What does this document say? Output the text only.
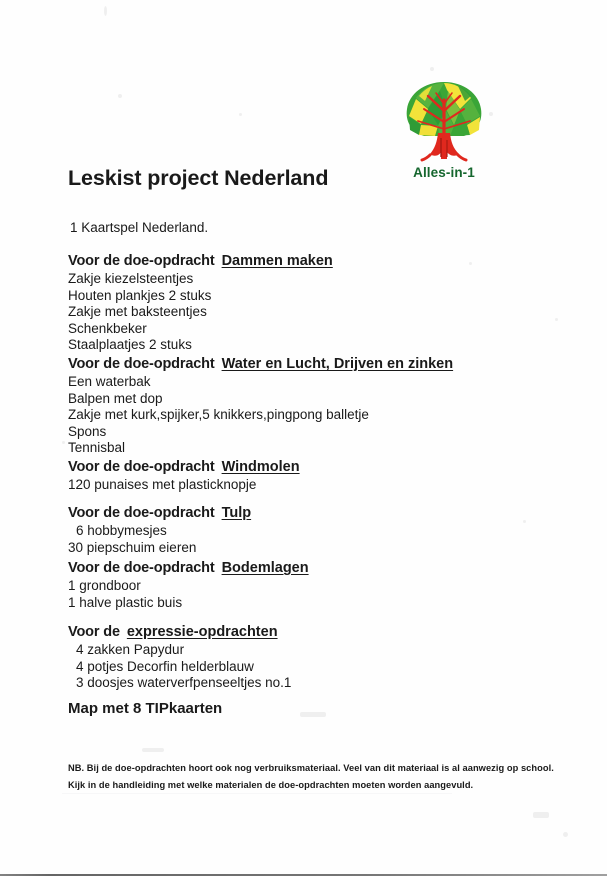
Alles-in-1
Leskist project Nederland
1 Kaartspel Nederland.
Voor de doe-opdracht Dammen maken
Zakje kiezelsteentjes
Houten plankjes 2 stuks
Zakje met baksteentjes
Schenkbeker
Staalplaatjes 2 stuks
Voor de doe-opdracht Water en Lucht, Drijven en zinken
Een waterbak
Balpen met dop
Zakje met kurk,spijker,5 knikkers,pingpong balletje
Spons
Tennisbal
Voor de doe-opdracht Windmolen
120 punaises met plasticknopje
Voor de doe-opdracht Tulp
6 hobbymesjes
30 piepschuim eieren
Voor de doe-opdracht Bodemlagen
1 grondboor
1 halve plastic buis
Voor de expressie-opdrachten
4 zakken Papydur
4 potjes Decorfin helderblauw
3 doosjes waterverfpenseeltjes no.1
Map met 8 TIPkaarten

NB. Bij de doe-opdrachten hoort ook nog verbruiksmateriaal. Veel van dit materiaal is al aanwezig op school.

Kijk in de handleiding met welke materialen de doe-opdrachten moeten worden aangevuld.
